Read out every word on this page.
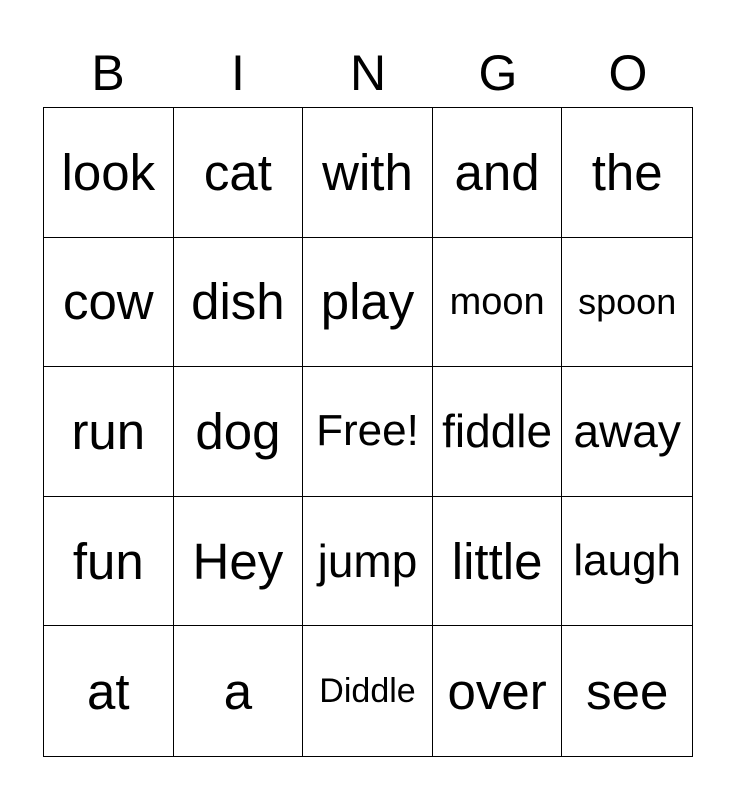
B	I	N	G	O
look cat with and	the
cow dish play moon spoon
run dog Free! fiddle away
fun Hey jump little laugh
at	a	Diddle over see
